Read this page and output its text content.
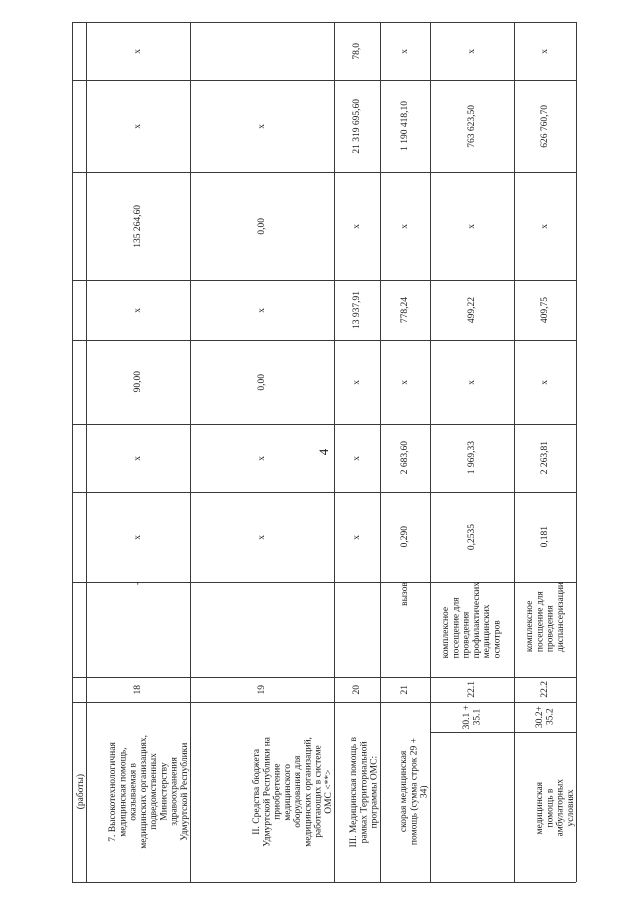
4
(работы)
х
х
135 264,60
х
90,00
х
х
18
-
7. Высокотехнологичная
медицинская помощь,
оказываемая в
медицинских организациях,
подведомственных
Министерству
здравоохранения
Удмуртской Республики
х
0,00
х
0,00
х
х
19
II. Средства бюджета
Удмуртской Республики на
приобретение
медицинского
оборудования для
медицинских организаций,
работающих в системе
ОМС <**>
78,0
21 319 695,60
х
13 937,91
х
х
х
20
III. Медицинская помощь в
рамках Территориальной
программы ОМС:
х
1 190 418,10
х
778,24
х
2 683,60
0,290
21
вызов
скорая медицинская
помощь (сумма строк 29 +
34)
х
763 623,50
х
499,22
х
1 969,33
0,2535
22.1
комплексное
посещение для
проведения
профилактических
медицинских
осмотров
30.1 +
35.1
х
626 760,70
х
409,75
х
2 263,81
0,181
22.2
комплексное
посещение для
проведения
диспансеризации
30.2+
35.2
медицинская
помощь в
амбулаторных
условиях
